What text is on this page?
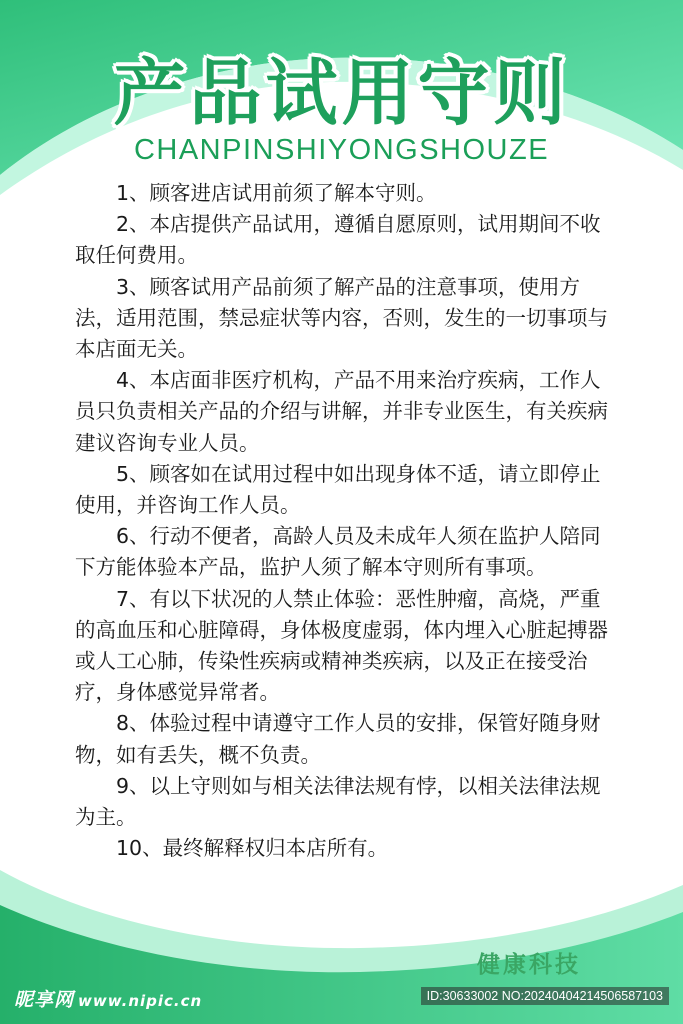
产品试用守则
CHANPINSHIYONGSHOUZE

1、顾客进店试用前须了解本守则。

2、本店提供产品试用，遵循自愿原则，试用期间不收取任何费用。

3、顾客试用产品前须了解产品的注意事项，使用方法，适用范围，禁忌症状等内容，否则，发生的一切事项与本店面无关。

4、本店面非医疗机构，产品不用来治疗疾病，工作人员只负责相关产品的介绍与讲解，并非专业医生，有关疾病建议咨询专业人员。

5、顾客如在试用过程中如出现身体不适，请立即停止使用，并咨询工作人员。

6、行动不便者，高龄人员及未成年人须在监护人陪同下方能体验本产品，监护人须了解本守则所有事项。

7、有以下状况的人禁止体验：恶性肿瘤，高烧，严重的高血压和心脏障碍，身体极度虚弱，体内埋入心脏起搏器或人工心肺，传染性疾病或精神类疾病，以及正在接受治疗，身体感觉异常者。

8、体验过程中请遵守工作人员的安排，保管好随身财物，如有丢失，概不负责。

9、以上守则如与相关法律法规有悖，以相关法律法规为主。

10、最终解释权归本店所有。

健康科技
昵享网 www.nipic.cn	ID:30633002 NO:20240404214506587103
